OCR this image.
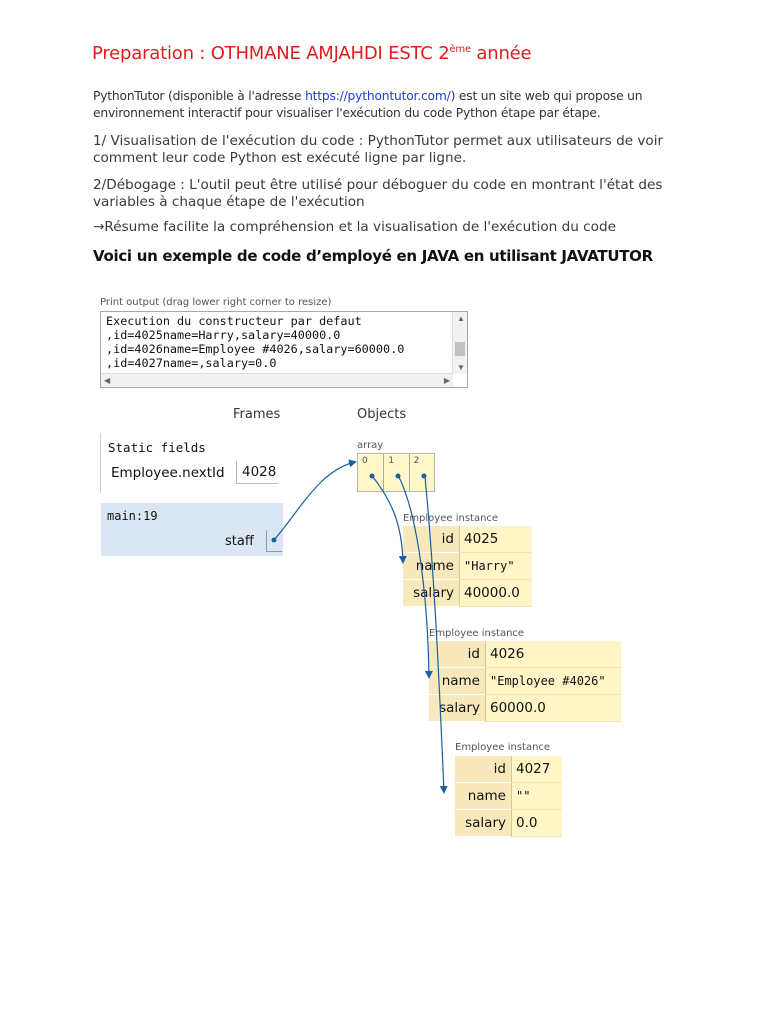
Preparation : OTHMANE AMJAHDI ESTC 2ème année
PythonTutor (disponible à l'adresse https://pythontutor.com/) est un site web qui propose un environnement interactif pour visualiser l'exécution du code Python étape par étape.
1/ Visualisation de l'exécution du code : PythonTutor permet aux utilisateurs de voir comment leur code Python est exécuté ligne par ligne.
2/Débogage : L'outil peut être utilisé pour déboguer du code en montrant l'état des variables à chaque étape de l'exécution
→Résume facilite la compréhension et la visualisation de l'exécution du code
Voici un exemple de code d’employé en JAVA en utilisant JAVATUTOR
Print output (drag lower right corner to resize)
Execution du constructeur par defaut
,id=4025name=Harry,salary=40000.0
,id=4026name=Employee #4026,salary=60000.0
,id=4027name=,salary=0.0
▲
▼
◀	▶
Frames	Objects
Static fields
Employee.nextId	4028
main:19
staff
array
0 1 2
Employee instance
id 4025
name "Harry"
salary 40000.0
Employee instance
id 4026
name "Employee #4026"
salary 60000.0
Employee instance
id 4027
name ""
salary 0.0
